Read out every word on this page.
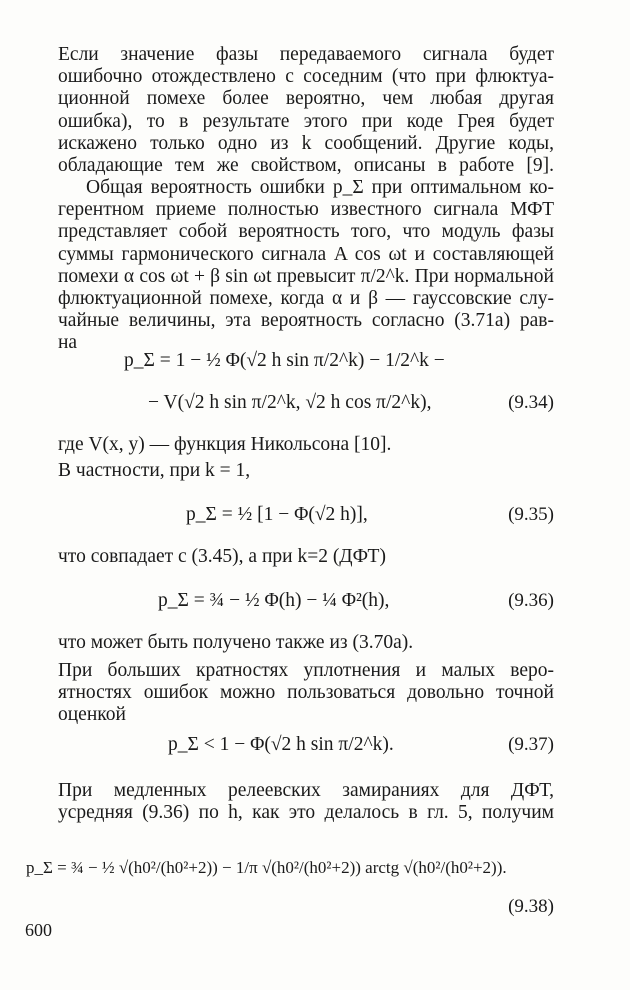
Если значение фазы передаваемого сигнала будет
ошибочно отождествлено с соседним (что при флюктуа-
ционной помехе более вероятно, чем любая другая
ошибка), то в результате этого при коде Грея будет
искажено только одно из k сообщений. Другие коды,
обладающие тем же свойством, описаны в работе [9].
Общая вероятность ошибки p_Σ при оптимальном ко-
герентном приеме полностью известного сигнала МФТ
представляет собой вероятность того, что модуль фазы
суммы гармонического сигнала A cos ωt и составляющей
помехи α cos ωt + β sin ωt превысит π/2^k. При нормальной
флюктуационной помехе, когда α и β — гауссовские слу-
чайные величины, эта вероятность согласно (3.71а) рав-
на
p_Σ = 1 − ½ Φ(√2 h sin π/2^k) − 1/2^k −
− V(√2 h sin π/2^k, √2 h cos π/2^k),	(9.34)
где V(x, y) — функция Никольсона [10].
В частности, при k = 1,
p_Σ = ½ [1 − Φ(√2 h)],	(9.35)
что совпадает с (3.45), а при k=2 (ДФТ)
p_Σ = ¾ − ½ Φ(h) − ¼ Φ²(h),	(9.36)
что может быть получено также из (3.70а).
При больших кратностях уплотнения и малых веро-
ятностях ошибок можно пользоваться довольно точной
оценкой
p_Σ < 1 − Φ(√2 h sin π/2^k).	(9.37)
При медленных релеевских замираниях для ДФТ,
усредняя (9.36) по h, как это делалось в гл. 5, получим
p_Σ = ¾ − ½ √(h0²/(h0²+2)) − 1/π √(h0²/(h0²+2)) arctg √(h0²/(h0²+2)).
(9.38)
600
